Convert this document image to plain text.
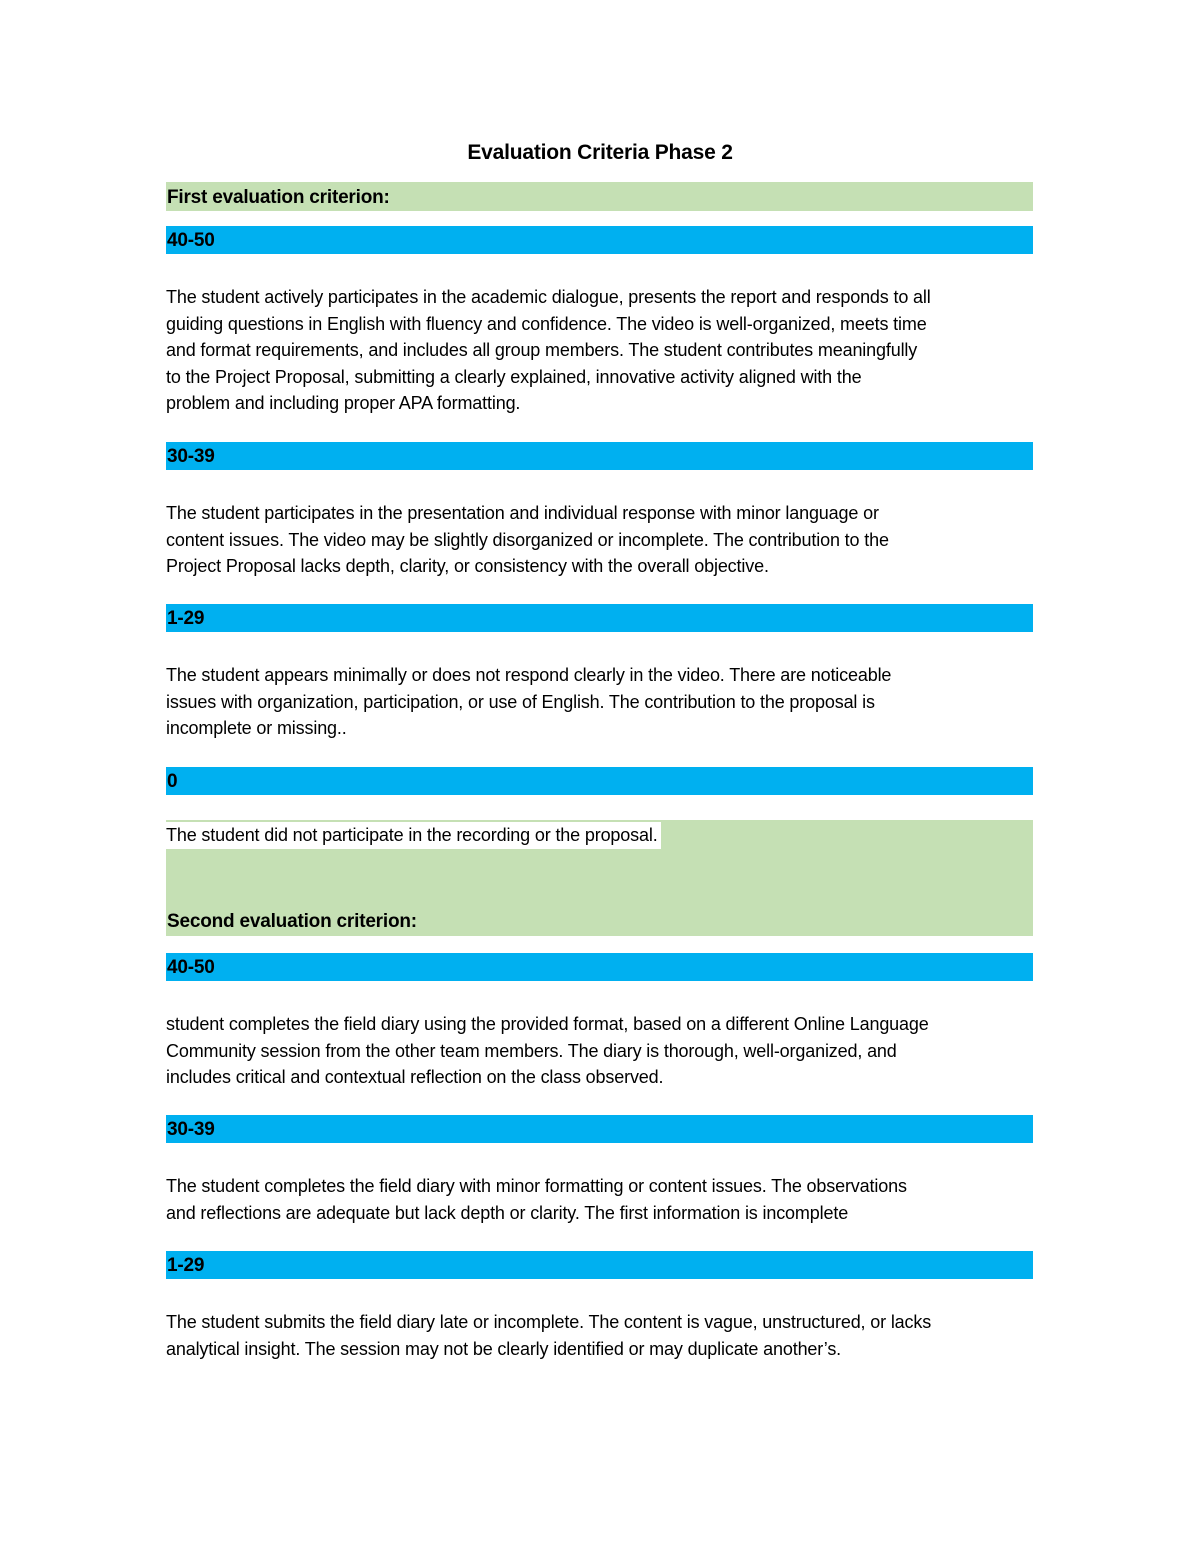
Evaluation Criteria Phase 2
First evaluation criterion:
40-50
The student actively participates in the academic dialogue, presents the report and responds to all
guiding questions in English with fluency and confidence. The video is well-organized, meets time
and format requirements, and includes all group members. The student contributes meaningfully
to the Project Proposal, submitting a clearly explained, innovative activity aligned with the
problem and including proper APA formatting.
30-39
The student participates in the presentation and individual response with minor language or
content issues. The video may be slightly disorganized or incomplete. The contribution to the
Project Proposal lacks depth, clarity, or consistency with the overall objective.
1-29
The student appears minimally or does not respond clearly in the video. There are noticeable
issues with organization, participation, or use of English. The contribution to the proposal is
incomplete or missing..
0
The student did not participate in the recording or the proposal.
Second evaluation criterion:
40-50
student completes the field diary using the provided format, based on a different Online Language
Community session from the other team members. The diary is thorough, well-organized, and
includes critical and contextual reflection on the class observed.
30-39
The student completes the field diary with minor formatting or content issues. The observations
and reflections are adequate but lack depth or clarity. The first information is incomplete
1-29
The student submits the field diary late or incomplete. The content is vague, unstructured, or lacks
analytical insight. The session may not be clearly identified or may duplicate another’s.
